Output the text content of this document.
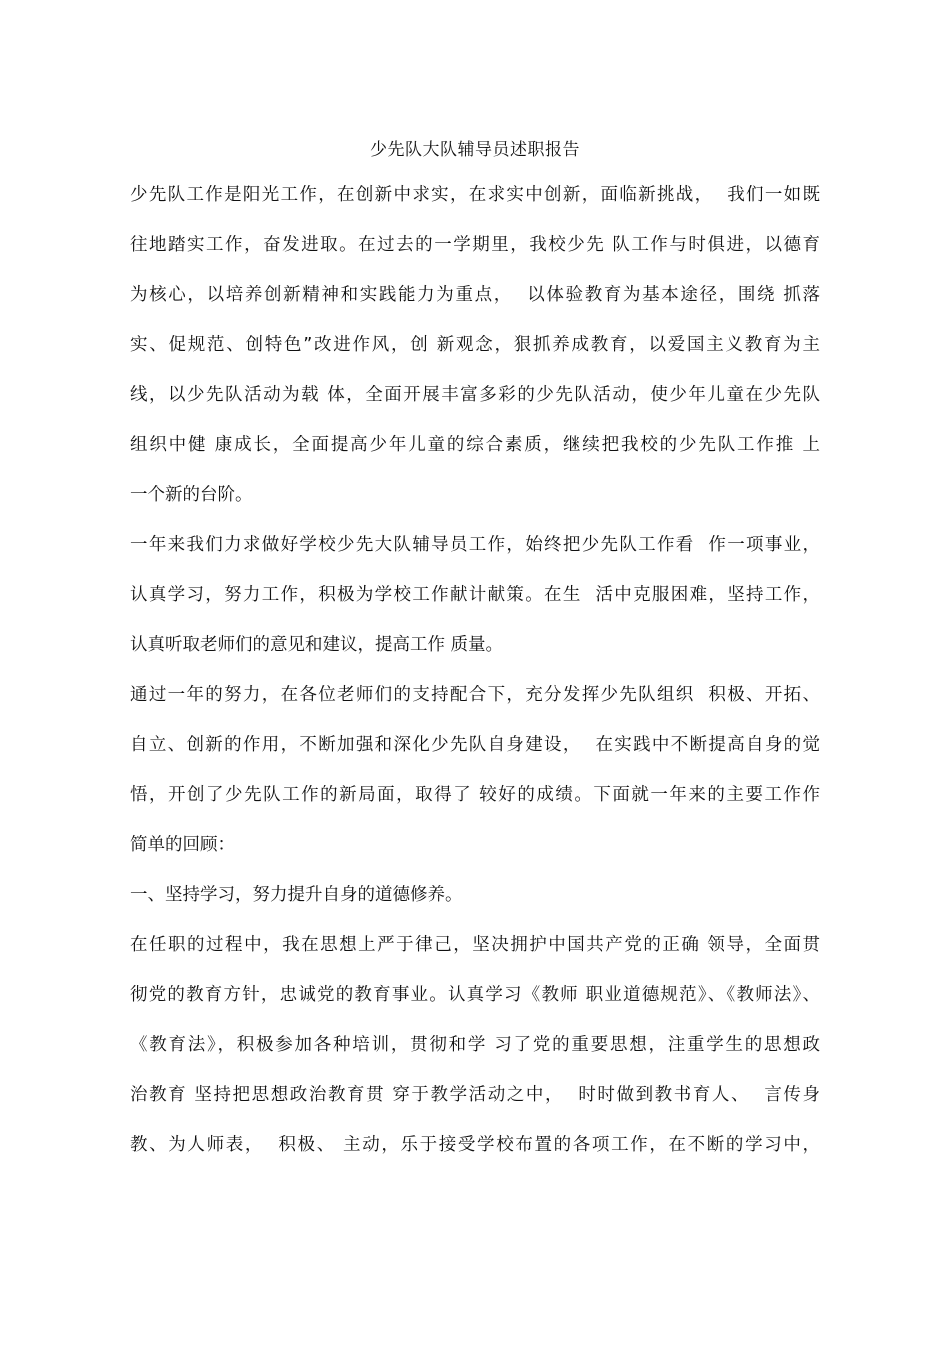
少先队大队辅导员述职报告
少先队工作是阳光工作，在创新中求实，在求实中创新，面临新挑战，  我们一如既
往地踏实工作，奋发进取。在过去的一学期里，我校少先 队工作与时俱进，以德育
为核心，以培养创新精神和实践能力为重点，  以体验教育为基本途径，围绕 抓落
实、促规范、创特色”改进作风，创 新观念，狠抓养成教育，以爱国主义教育为主
线，以少先队活动为载 体，全面开展丰富多彩的少先队活动，使少年儿童在少先队
组织中健 康成长，全面提高少年儿童的综合素质，继续把我校的少先队工作推 上
一个新的台阶。
一年来我们力求做好学校少先大队辅导员工作，始终把少先队工作看  作一项事业，
认真学习，努力工作，积极为学校工作献计献策。在生  活中克服困难，坚持工作，
认真听取老师们的意见和建议，提高工作 质量。
通过一年的努力，在各位老师们的支持配合下，充分发挥少先队组织  积极、开拓、
自立、创新的作用，不断加强和深化少先队自身建设，  在实践中不断提高自身的觉
悟，开创了少先队工作的新局面，取得了 较好的成绩。下面就一年来的主要工作作
简单的回顾：
一、坚持学习，努力提升自身的道德修养。
在任职的过程中，我在思想上严于律己，坚决拥护中国共产党的正确 领导，全面贯
彻党的教育方针，忠诚党的教育事业。认真学习《教师 职业道德规范》、《教师法》、
《教育法》，积极参加各种培训，贯彻和学 习了党的重要思想，注重学生的思想政
治教育 坚持把思想政治教育贯 穿于教学活动之中，  时时做到教书育人、  言传身
教、为人师表，  积极、 主动，乐于接受学校布置的各项工作，在不断的学习中，
